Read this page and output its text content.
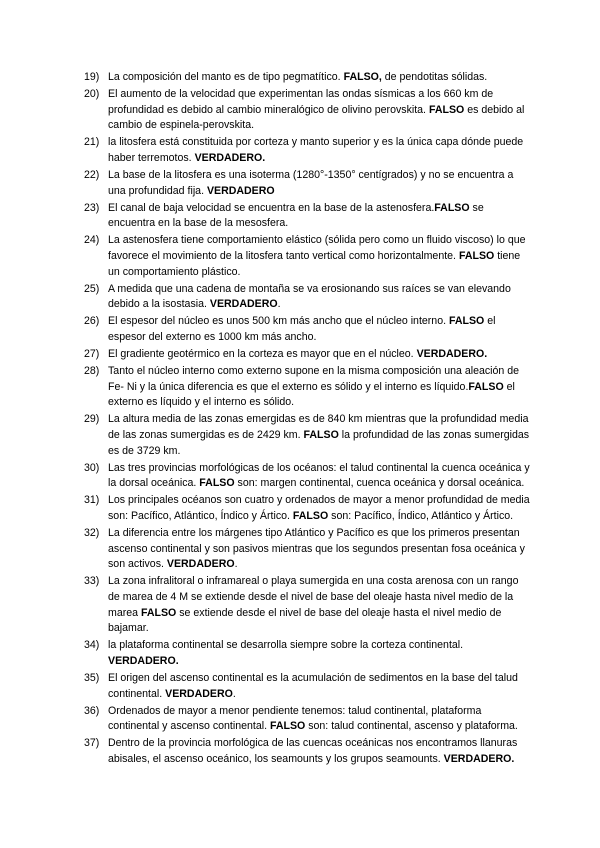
19) La composición del manto es de tipo pegmatítico. FALSO, de pendotitas sólidas.
20) El aumento de la velocidad que experimentan las ondas sísmicas a los 660 km de profundidad es debido al cambio mineralógico de olivino perovskita. FALSO es debido al cambio de espinela-perovskita.
21) la litosfera está constituida por corteza y manto superior y es la única capa dónde puede haber terremotos. VERDADERO.
22) La base de la litosfera es una isoterma (1280°-1350° centígrados) y no se encuentra a una profundidad fija. VERDADERO
23) El canal de baja velocidad se encuentra en la base de la astenosfera.FALSO se encuentra en la base de la mesosfera.
24) La astenosfera tiene comportamiento elástico (sólida pero como un fluido viscoso) lo que favorece el movimiento de la litosfera tanto vertical como horizontalmente. FALSO tiene un comportamiento plástico.
25) A medida que una cadena de montaña se va erosionando sus raíces se van elevando debido a la isostasia. VERDADERO.
26) El espesor del núcleo es unos 500 km más ancho que el núcleo interno. FALSO el espesor del externo es 1000 km más ancho.
27) El gradiente geotérmico en la corteza es mayor que en el núcleo. VERDADERO.
28) Tanto el núcleo interno como externo supone en la misma composición una aleación de Fe- Ni y la única diferencia es que el externo es sólido y el interno es líquido.FALSO el externo es líquido y el interno es sólido.
29) La altura media de las zonas emergidas es de 840 km mientras que la profundidad media de las zonas sumergidas es de 2429 km. FALSO la profundidad de las zonas sumergidas es de 3729 km.
30) Las tres provincias morfológicas de los océanos: el talud continental la cuenca oceánica y la dorsal oceánica. FALSO son: margen continental, cuenca oceánica y dorsal oceánica.
31) Los principales océanos son cuatro y ordenados de mayor a menor profundidad de media son: Pacífico, Atlántico, Índico y Ártico. FALSO son: Pacífico, Índico, Atlántico y Ártico.
32) La diferencia entre los márgenes tipo Atlántico y Pacífico es que los primeros presentan ascenso continental y son pasivos mientras que los segundos presentan fosa oceánica y son activos. VERDADERO.
33) La zona infralitoral o inframareal o playa sumergida en una costa arenosa con un rango de marea de 4 M se extiende desde el nivel de base del oleaje hasta nivel medio de la marea FALSO se extiende desde el nivel de base del oleaje hasta el nivel medio de bajamar.
34) la plataforma continental se desarrolla siempre sobre la corteza continental. VERDADERO.
35) El origen del ascenso continental es la acumulación de sedimentos en la base del talud continental. VERDADERO.
36) Ordenados de mayor a menor pendiente tenemos: talud continental, plataforma continental y ascenso continental. FALSO son: talud continental, ascenso y plataforma.
37) Dentro de la provincia morfológica de las cuencas oceánicas nos encontramos llanuras abisales, el ascenso oceánico, los seamounts y los grupos seamounts. VERDADERO.
